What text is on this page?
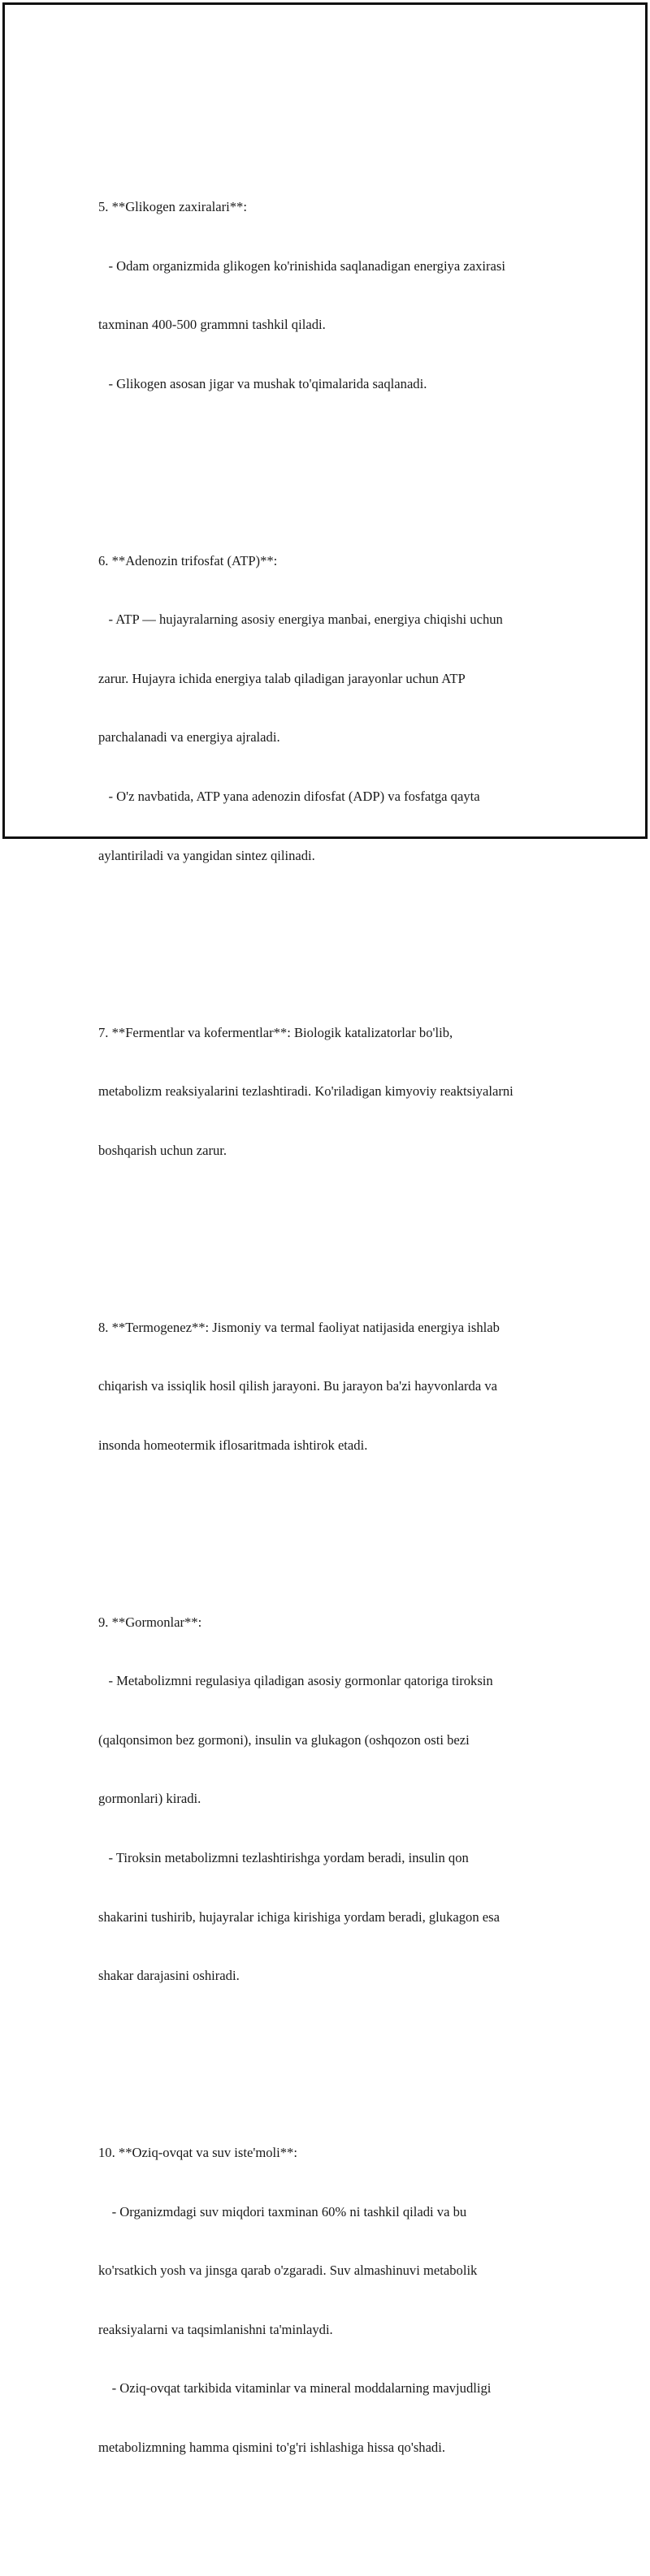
5. **Glikogen zaxiralari**:

- Odam organizmida glikogen ko'rinishida saqlanadigan energiya zaxirasi

taxminan 400-500 grammni tashkil qiladi.

- Glikogen asosan jigar va mushak to'qimalarida saqlanadi.

6. **Adenozin trifosfat (ATP)**:

- ATP — hujayralarning asosiy energiya manbai, energiya chiqishi uchun

zarur. Hujayra ichida energiya talab qiladigan jarayonlar uchun ATP

parchalanadi va energiya ajraladi.

- O'z navbatida, ATP yana adenozin difosfat (ADP) va fosfatga qayta

aylantiriladi va yangidan sintez qilinadi.

7. **Fermentlar va kofermentlar**: Biologik katalizatorlar bo'lib,

metabolizm reaksiyalarini tezlashtiradi. Ko'riladigan kimyoviy reaktsiyalarni

boshqarish uchun zarur.

8. **Termogenez**: Jismoniy va termal faoliyat natijasida energiya ishlab

chiqarish va issiqlik hosil qilish jarayoni. Bu jarayon ba'zi hayvonlarda va

insonda homeotermik iflosaritmada ishtirok etadi.

9. **Gormonlar**:

- Metabolizmni regulasiya qiladigan asosiy gormonlar qatoriga tiroksin

(qalqonsimon bez gormoni), insulin va glukagon (oshqozon osti bezi

gormonlari) kiradi.

- Tiroksin metabolizmni tezlashtirishga yordam beradi, insulin qon

shakarini tushirib, hujayralar ichiga kirishiga yordam beradi, glukagon esa

shakar darajasini oshiradi.

10. **Oziq-ovqat va suv iste'moli**:

- Organizmdagi suv miqdori taxminan 60% ni tashkil qiladi va bu

ko'rsatkich yosh va jinsga qarab o'zgaradi. Suv almashinuvi metabolik

reaksiyalarni va taqsimlanishni ta'minlaydi.

- Oziq-ovqat tarkibida vitaminlar va mineral moddalarning mavjudligi

metabolizmning hamma qismini to'g'ri ishlashiga hissa qo'shadi.
